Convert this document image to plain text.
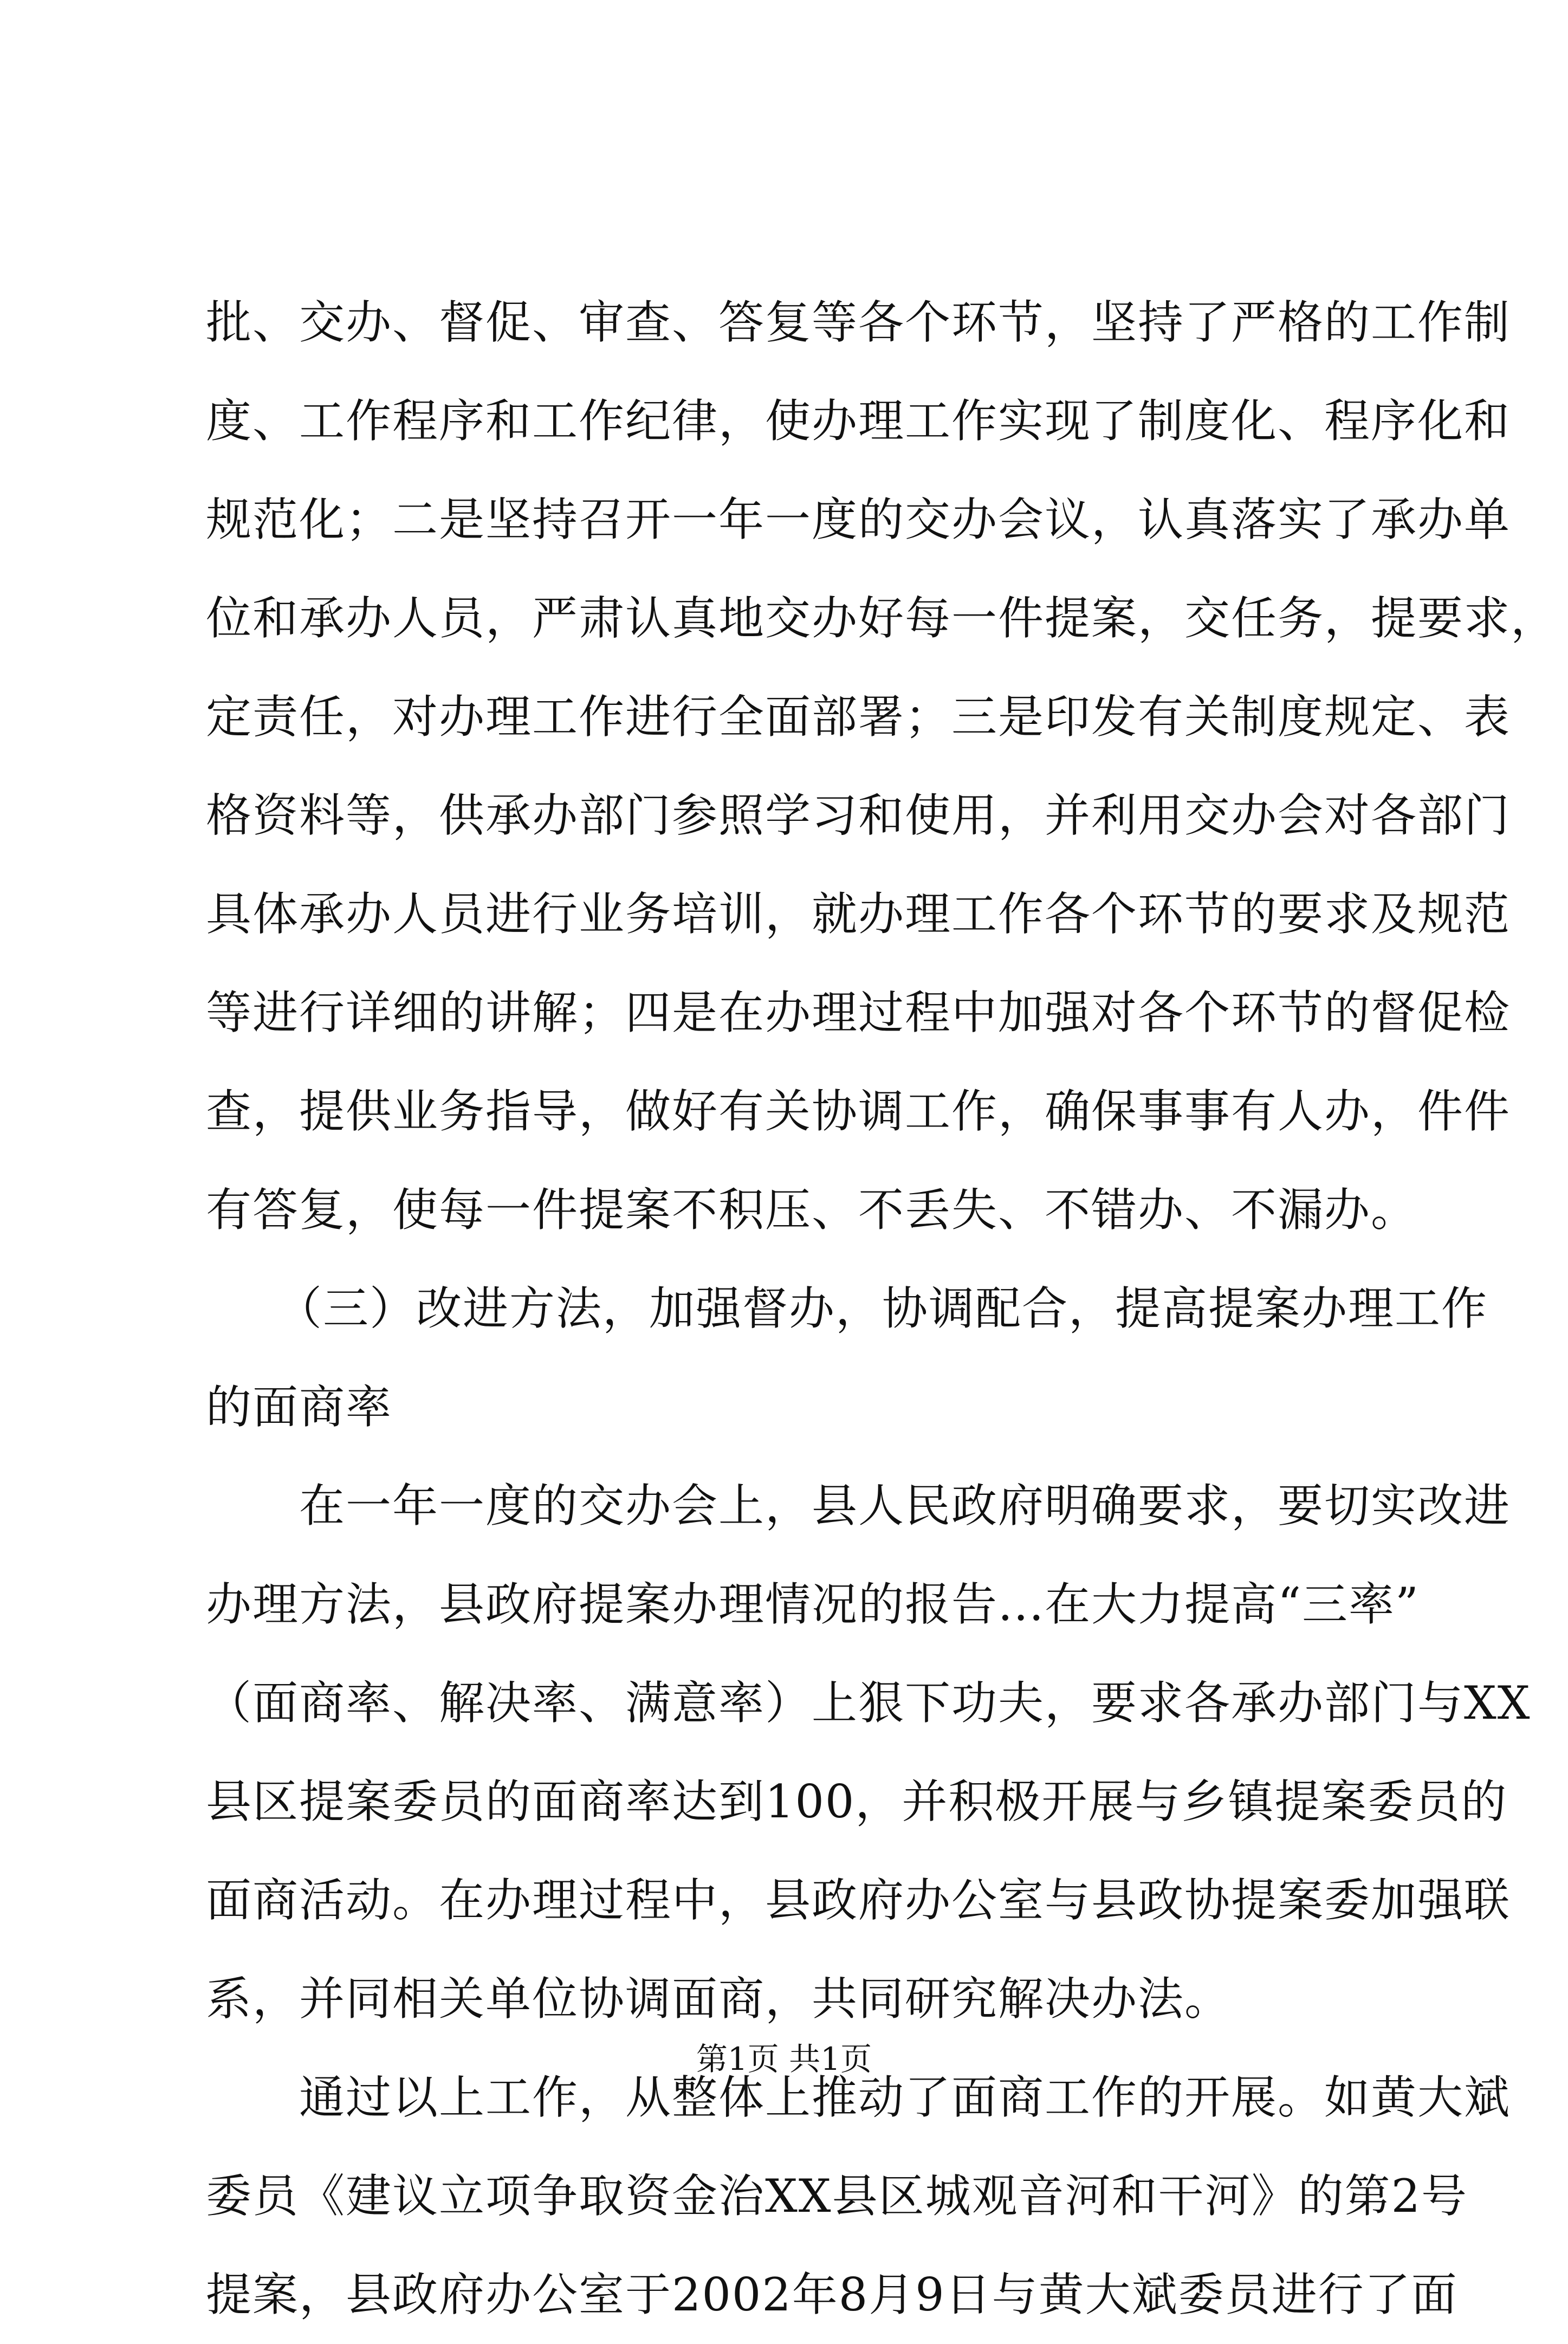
批、交办、督促、审查、答复等各个环节，坚持了严格的工作制
度、工作程序和工作纪律，使办理工作实现了制度化、程序化和
规范化；二是坚持召开一年一度的交办会议，认真落实了承办单
位和承办人员，严肃认真地交办好每一件提案，交任务，提要求，
定责任，对办理工作进行全面部署；三是印发有关制度规定、表
格资料等，供承办部门参照学习和使用，并利用交办会对各部门
具体承办人员进行业务培训，就办理工作各个环节的要求及规范
等进行详细的讲解；四是在办理过程中加强对各个环节的督促检
查，提供业务指导，做好有关协调工作，确保事事有人办，件件
有答复，使每一件提案不积压、不丢失、不错办、不漏办。
　　（三）改进方法，加强督办，协调配合，提高提案办理工作
的面商率
　　在一年一度的交办会上，县人民政府明确要求，要切实改进
办理方法，县政府提案办理情况的报告...在大力提高“三率”
（面商率、解决率、满意率）上狠下功夫，要求各承办部门与XX
县区提案委员的面商率达到100，并积极开展与乡镇提案委员的
面商活动。在办理过程中，县政府办公室与县政协提案委加强联
系，并同相关单位协调面商，共同研究解决办法。
　　通过以上工作，从整体上推动了面商工作的开展。如黄大斌
委员《建议立项争取资金治XX县区城观音河和干河》的第2号
提案，县政府办公室于2002年8月9日与黄大斌委员进行了面
第1页 共1页
